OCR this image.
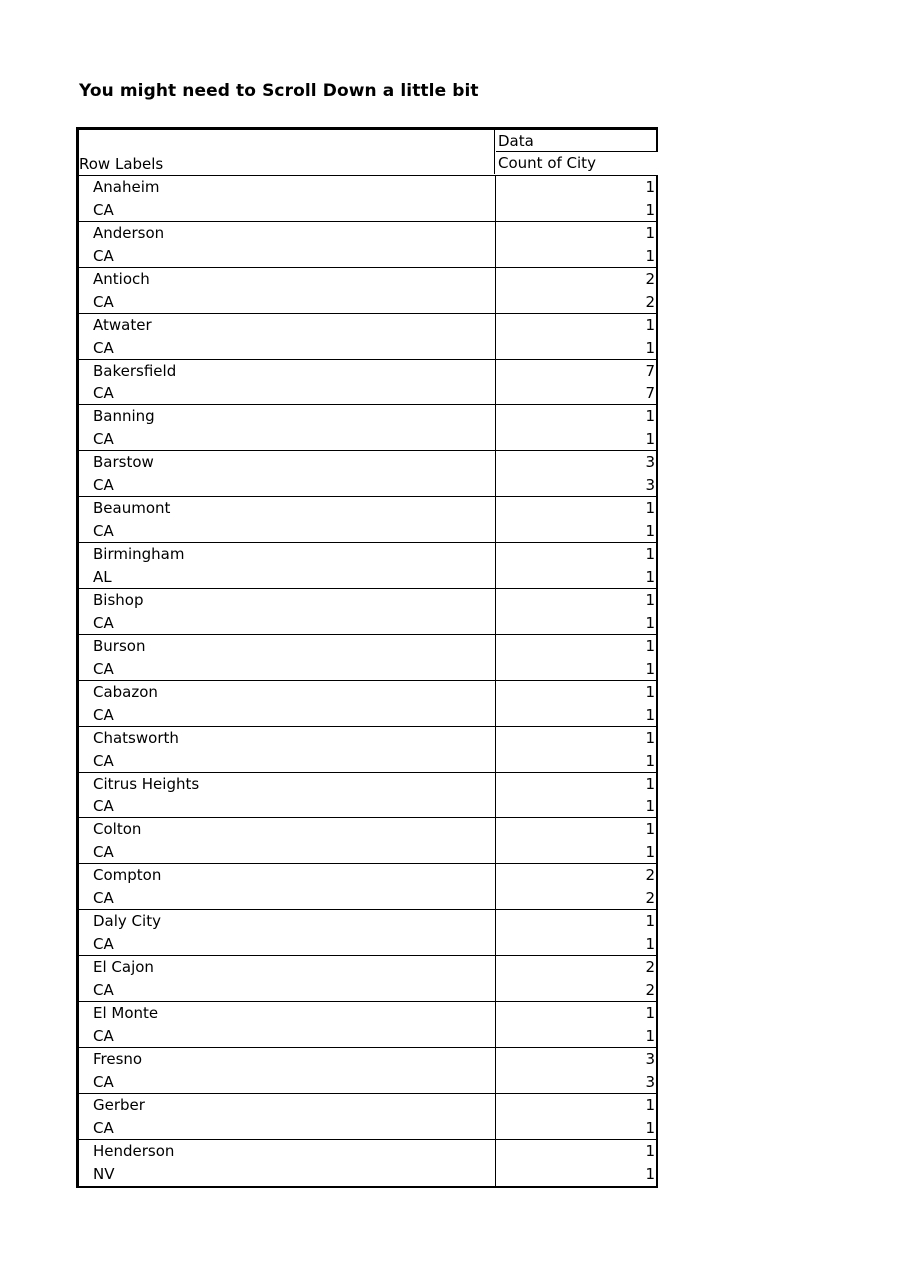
You might need to Scroll Down a little bit
Row Labels
Data
Count of City
Anaheim
CA
1
1
Anderson
CA
1
1
Antioch
CA
2
2
Atwater
CA
1
1
Bakersfield
CA
7
7
Banning
CA
1
1
Barstow
CA
3
3
Beaumont
CA
1
1
Birmingham
AL
1
1
Bishop
CA
1
1
Burson
CA
1
1
Cabazon
CA
1
1
Chatsworth
CA
1
1
Citrus Heights
CA
1
1
Colton
CA
1
1
Compton
CA
2
2
Daly City
CA
1
1
El Cajon
CA
2
2
El Monte
CA
1
1
Fresno
CA
3
3
Gerber
CA
1
1
Henderson
NV
1
1
